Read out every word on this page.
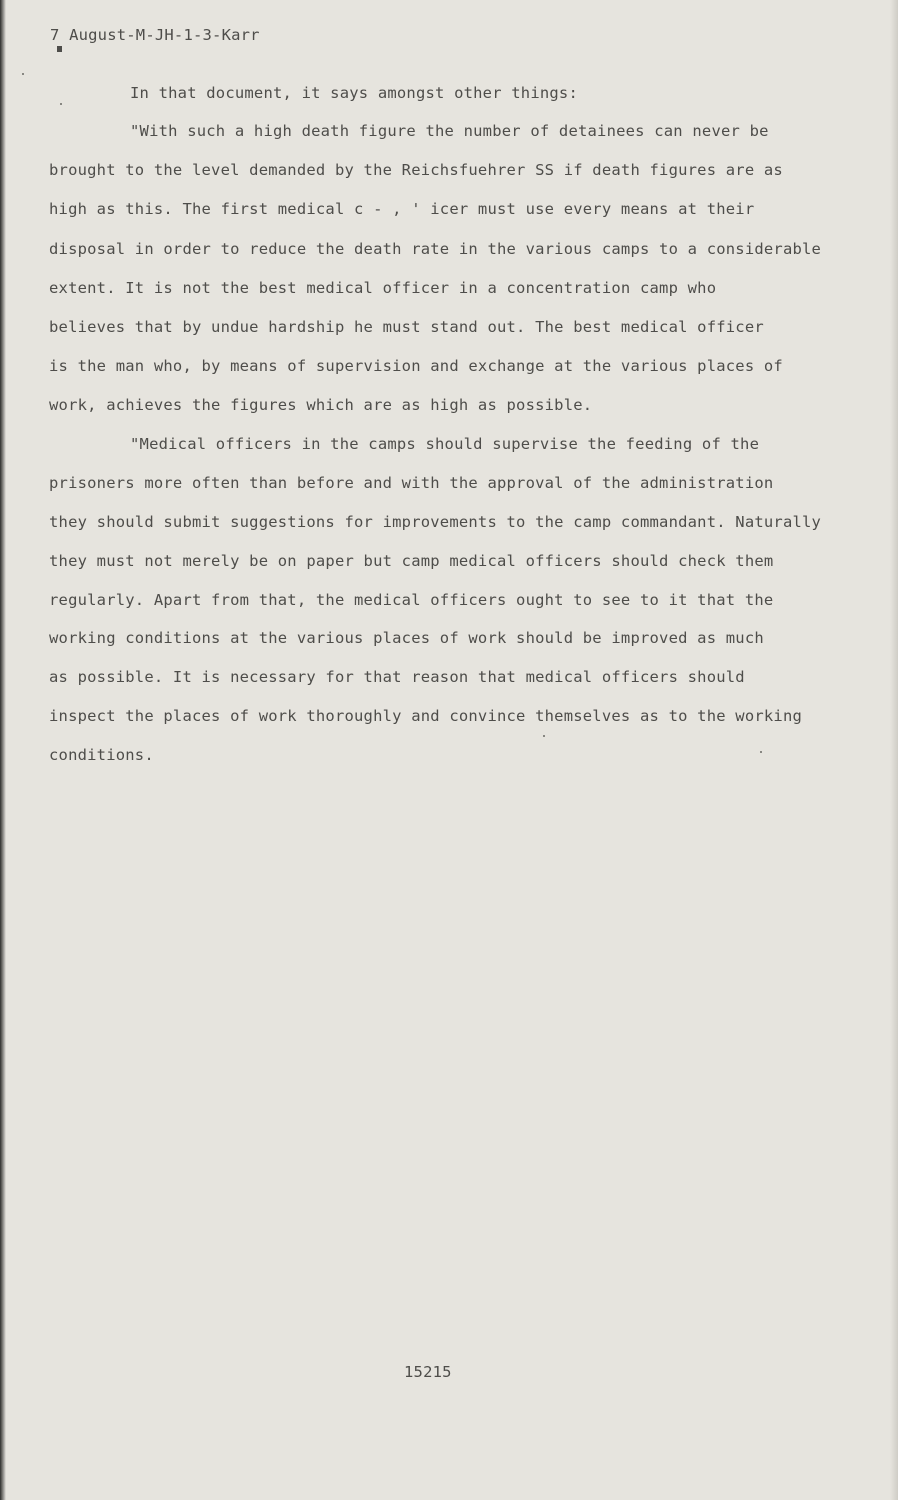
7 August-M-JH-1-3-Karr

In that document, it says amongst other things:

"With such a high death figure the number of detainees can never be

brought to the level demanded by the Reichsfuehrer SS if death figures are as

high as this. The first medical c - , ' icer must use every means at their

disposal in order to reduce the death rate in the various camps to a considerable

extent. It is not the best medical officer in a concentration camp who

believes that by undue hardship he must stand out. The best medical officer

is the man who, by means of supervision and exchange at the various places of

work, achieves the figures which are as high as possible.

"Medical officers in the camps should supervise the feeding of the

prisoners more often than before and with the approval of the administration

they should submit suggestions for improvements to the camp commandant. Naturally

they must not merely be on paper but camp medical officers should check them

regularly. Apart from that, the medical officers ought to see to it that the

working conditions at the various places of work should be improved as much

as possible. It is necessary for that reason that medical officers should

inspect the places of work thoroughly and convince themselves as to the working

conditions.

15215
